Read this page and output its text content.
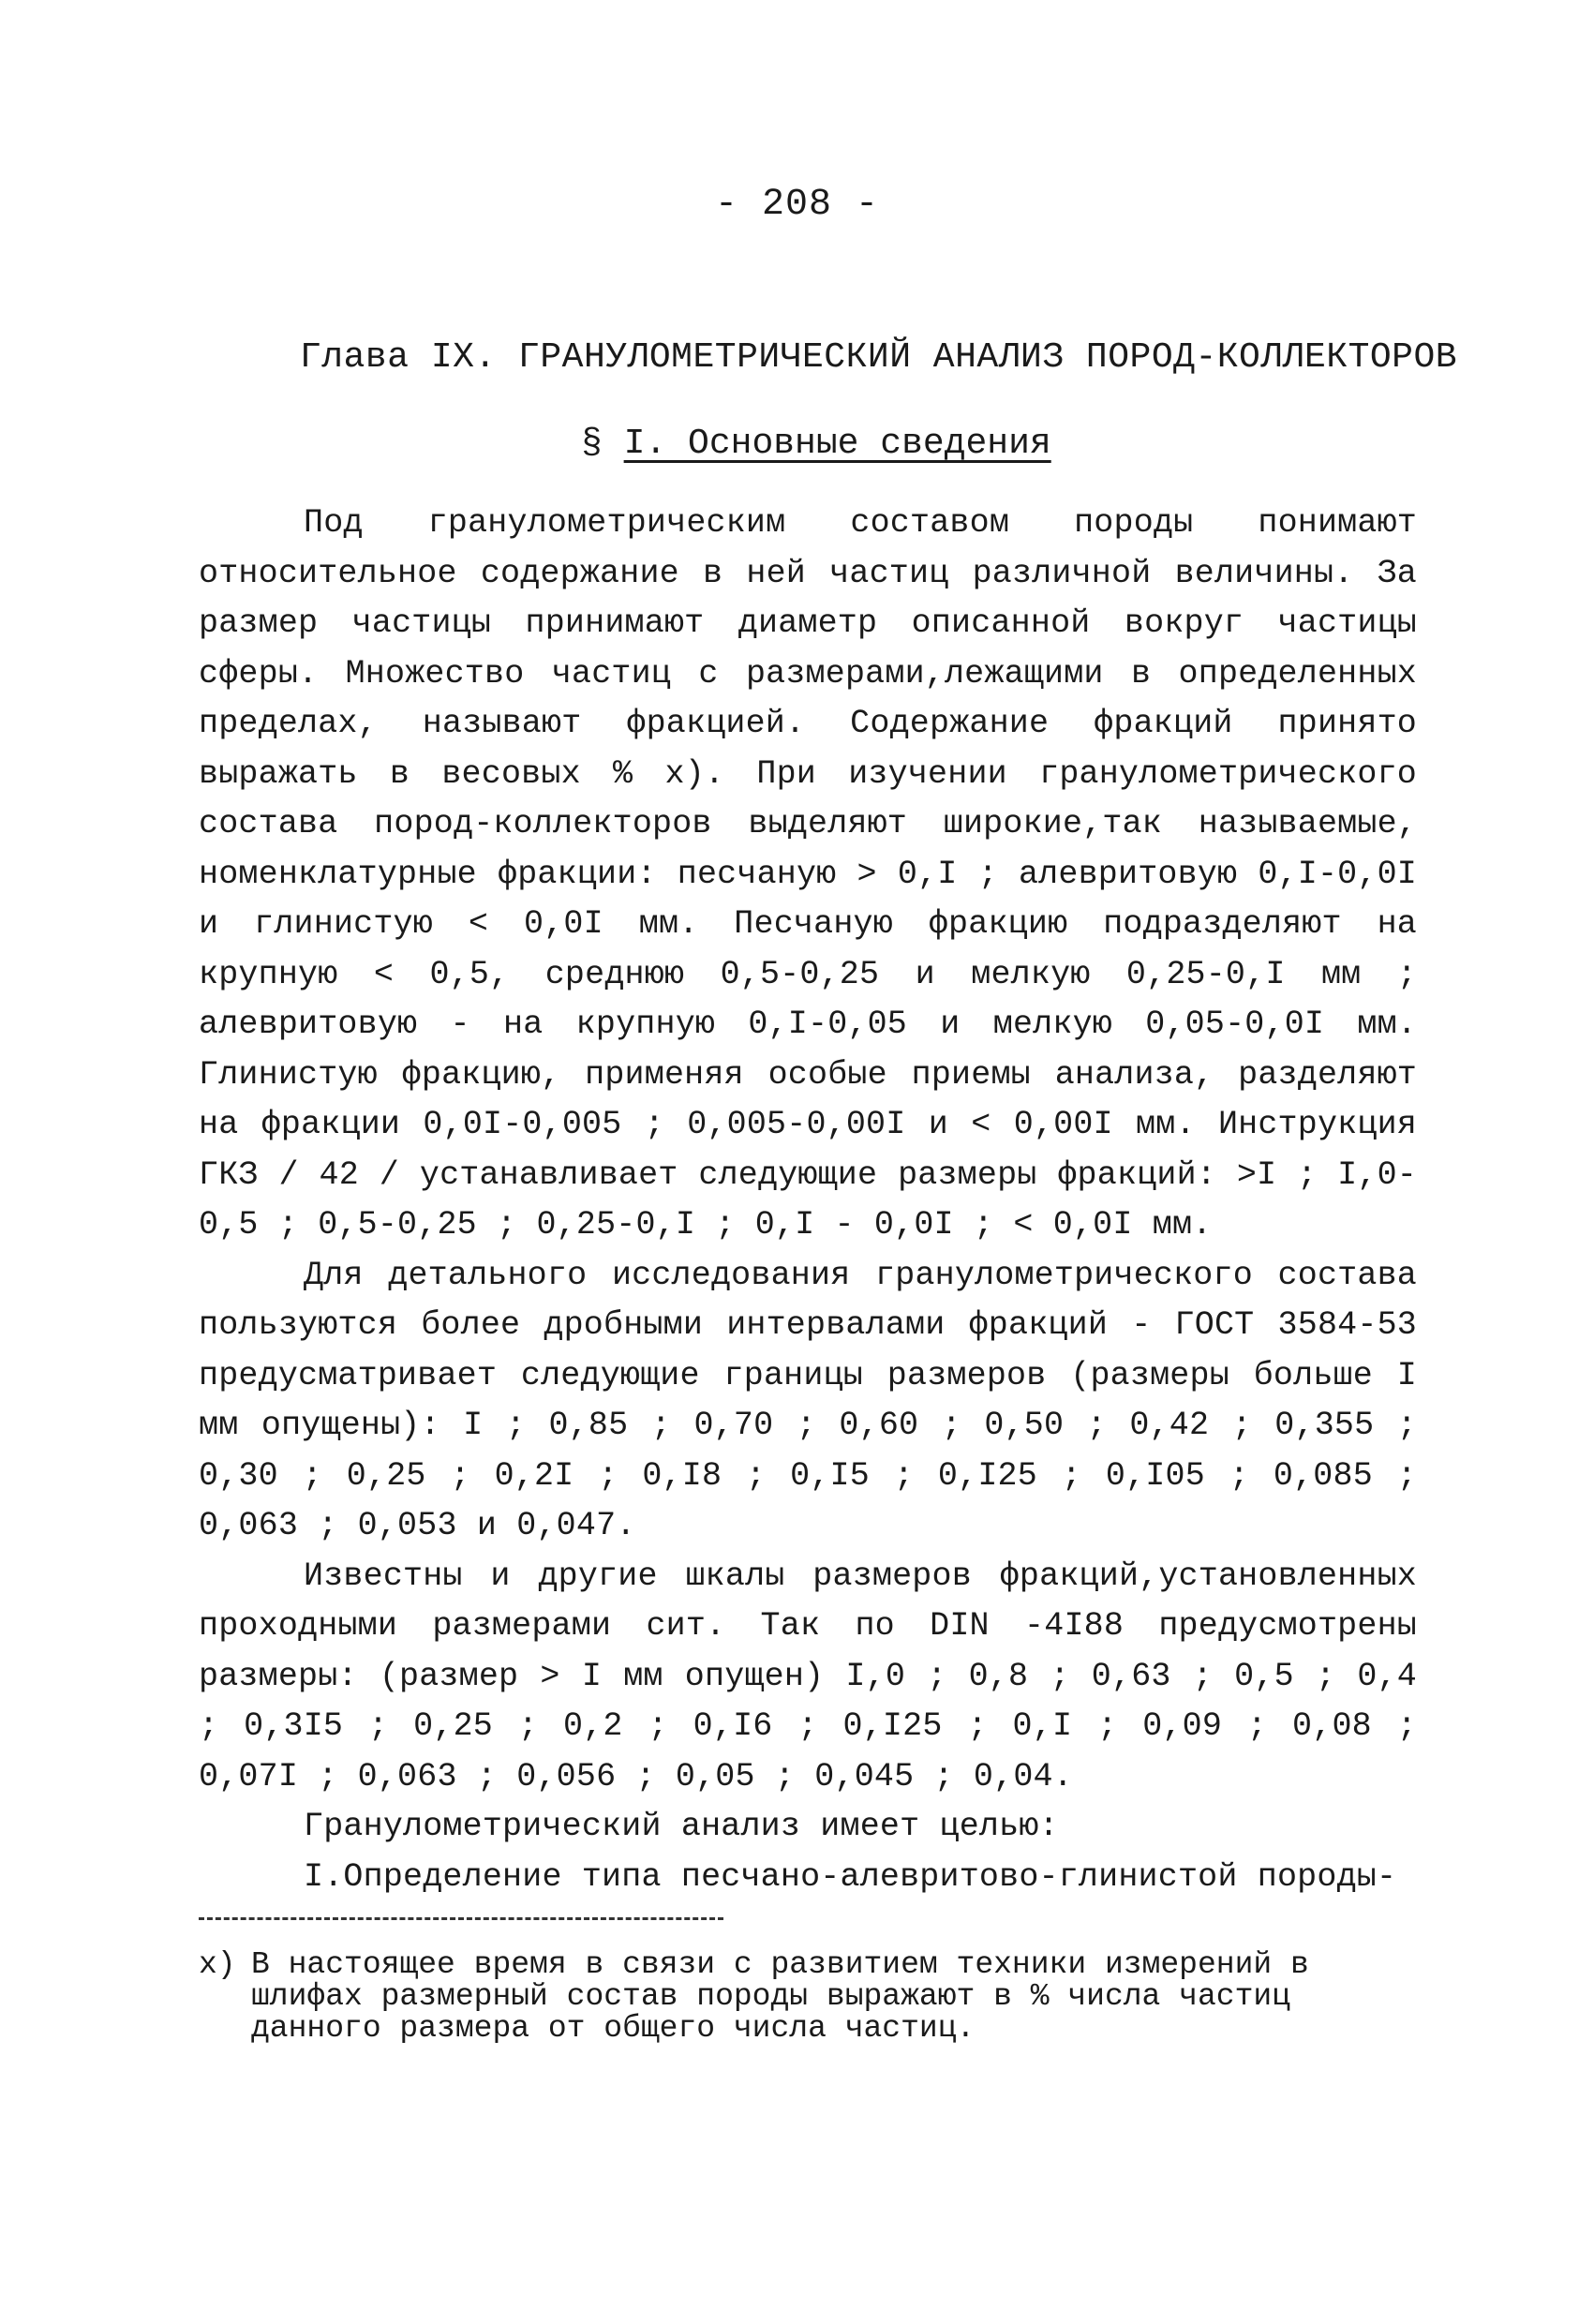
- 208 -
Глава IX. ГРАНУЛОМЕТРИЧЕСКИЙ АНАЛИЗ ПОРОД-КОЛЛЕКТОРОВ
§ I. Основные сведения

Под гранулометрическим составом породы понимают относительное содержание в ней частиц различной величины. За размер частицы принимают диаметр описанной вокруг частицы сферы. Множество частиц с размерами,лежащими в определенных пределах, называют фракцией. Содержание фракций принято выражать в весовых % x). При изучении гранулометрического состава пород-коллекторов выделяют широкие,так называемые, номенклатурные фракции: песчаную > 0,I ; алевритовую 0,I-0,0I и глинистую < 0,0I мм. Песчаную фракцию подразделяют на крупную < 0,5, среднюю 0,5-0,25 и мелкую 0,25-0,I мм ; алевритовую - на крупную 0,I-0,05 и мелкую 0,05-0,0I мм. Глинистую фракцию, применяя особые приемы анализа, разделяют на фракции 0,0I-0,005 ; 0,005-0,00I и < 0,00I мм. Инструкция ГКЗ / 42 / устанавливает следующие размеры фракций: >I ; I,0-0,5 ; 0,5-0,25 ; 0,25-0,I ; 0,I - 0,0I ; < 0,0I мм.

Для детального исследования гранулометрического состава пользуются более дробными интервалами фракций - ГОСТ 3584-53 предусматривает следующие границы размеров (размеры больше I мм опущены): I ; 0,85 ; 0,70 ; 0,60 ; 0,50 ; 0,42 ; 0,355 ; 0,30 ; 0,25 ; 0,2I ; 0,I8 ; 0,I5 ; 0,I25 ; 0,I05 ; 0,085 ; 0,063 ; 0,053 и 0,047.

Известны и другие шкалы размеров фракций,установленных проходными размерами сит. Так по DIN -4I88 предусмотрены размеры: (размер > I мм опущен) I,0 ; 0,8 ; 0,63 ; 0,5 ; 0,4 ; 0,3I5 ; 0,25 ; 0,2 ; 0,I6 ; 0,I25 ; 0,I ; 0,09 ; 0,08 ; 0,07I ; 0,063 ; 0,056 ; 0,05 ; 0,045 ; 0,04.

Гранулометрический анализ имеет целью:

I.Определение типа песчано-алевритово-глинистой породы-

x) В настоящее время в связи с развитием техники измерений в шлифах размерный состав породы выражают в % числа частиц данного размера от общего числа частиц.
